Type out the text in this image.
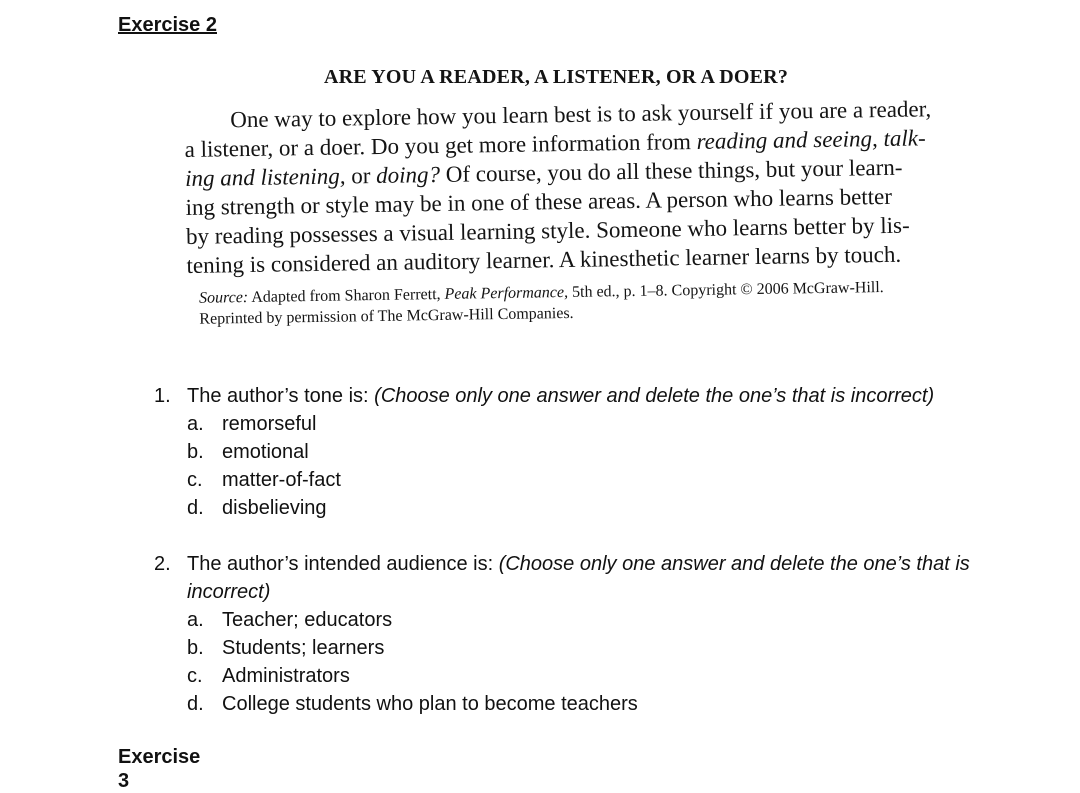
Exercise 2
ARE YOU A READER, A LISTENER, OR A DOER?
One way to explore how you learn best is to ask yourself if you are a reader,
a listener, or a doer. Do you get more information from reading and seeing, talk-
ing and listening, or doing? Of course, you do all these things, but your learn-
ing strength or style may be in one of these areas. A person who learns better
by reading possesses a visual learning style. Someone who learns better by lis-
tening is considered an auditory learner. A kinesthetic learner learns by touch.
Source: Adapted from Sharon Ferrett, Peak Performance, 5th ed., p. 1–8. Copyright © 2006 McGraw-Hill.
Reprinted by permission of The McGraw-Hill Companies.
1. The author’s tone is: (Choose only one answer and delete the one’s that is incorrect)
a. remorseful
b. emotional
c. matter-of-fact
d. disbelieving
2. The author’s intended audience is: (Choose only one answer and delete the one’s that is incorrect)
a. Teacher; educators
b. Students; learners
c. Administrators
d. College students who plan to become teachers
Exercise 3
